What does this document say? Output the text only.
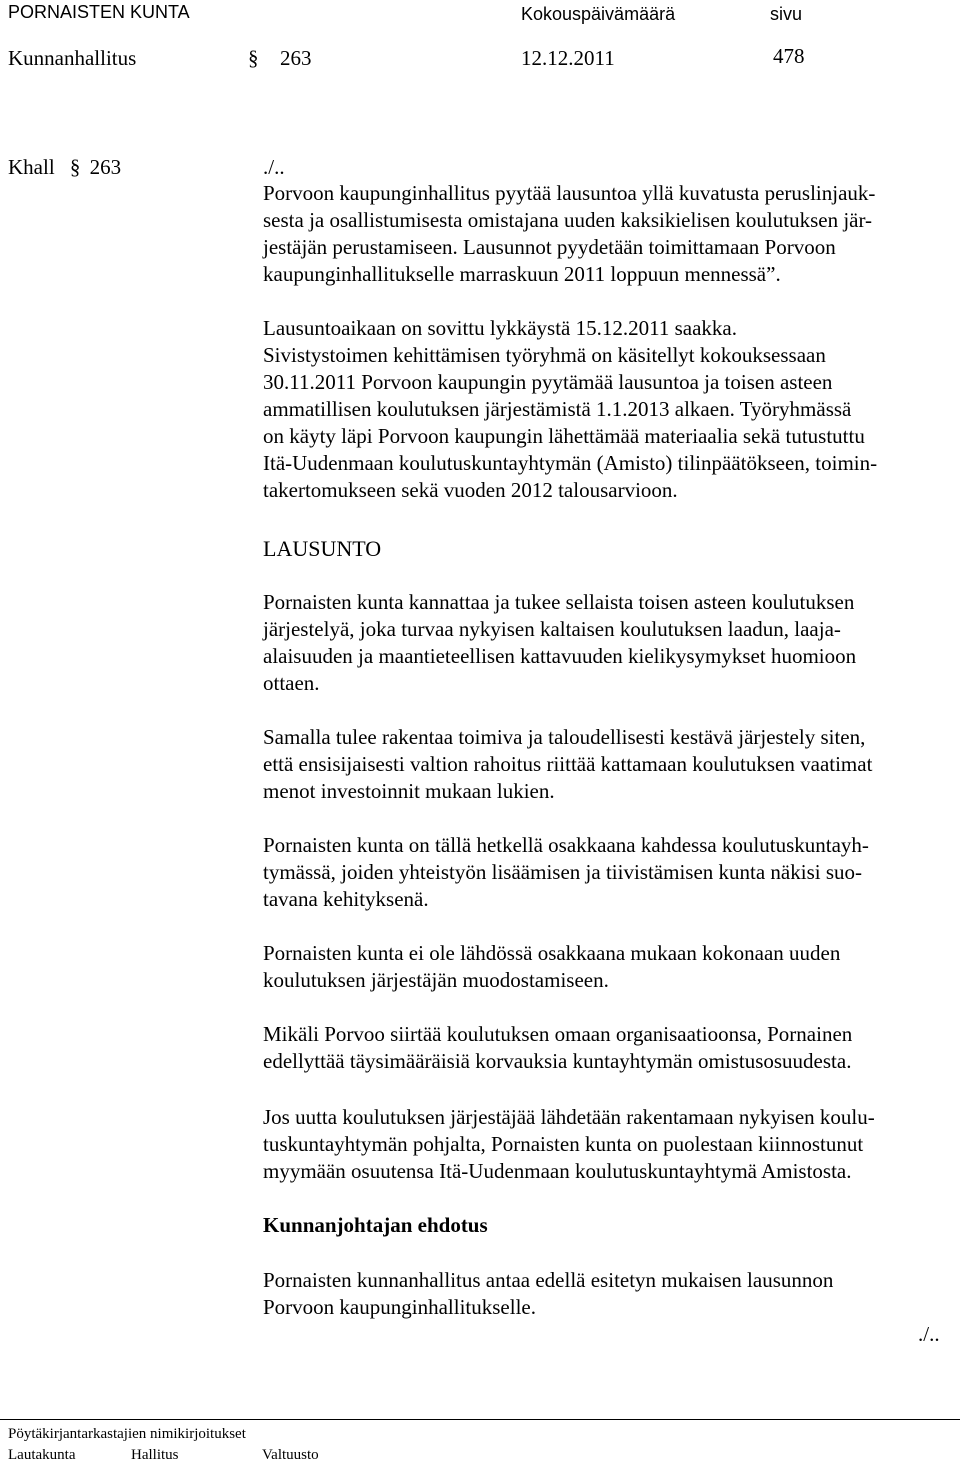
PORNAISTEN KUNTA	Kokouspäivämäärä	sivu
Kunnanhallitus	§ 263	12.12.2011	478
Khall § 263	./..
Porvoon kaupunginhallitus pyytää lausuntoa yllä kuvatusta peruslinjauk-
sesta ja osallistumisesta omistajana uuden kaksikielisen koulutuksen jär-
jestäjän perustamiseen. Lausunnot pyydetään toimittamaan Porvoon
kaupunginhallitukselle marraskuun 2011 loppuun mennessä”.
Lausuntoaikaan on sovittu lykkäystä 15.12.2011 saakka.
Sivistystoimen kehittämisen työryhmä on käsitellyt kokouksessaan
30.11.2011 Porvoon kaupungin pyytämää lausuntoa ja toisen asteen
ammatillisen koulutuksen järjestämistä 1.1.2013 alkaen. Työryhmässä
on käyty läpi Porvoon kaupungin lähettämää materiaalia sekä tutustuttu
Itä-Uudenmaan koulutuskuntayhtymän (Amisto) tilinpäätökseen, toimin-
takertomukseen sekä vuoden 2012 talousarvioon.
LAUSUNTO
Pornaisten kunta kannattaa ja tukee sellaista toisen asteen koulutuksen
järjestelyä, joka turvaa nykyisen kaltaisen koulutuksen laadun, laaja-
alaisuuden ja maantieteellisen kattavuuden kielikysymykset huomioon
ottaen.
Samalla tulee rakentaa toimiva ja taloudellisesti kestävä järjestely siten,
että ensisijaisesti valtion rahoitus riittää kattamaan koulutuksen vaatimat
menot investoinnit mukaan lukien.
Pornaisten kunta on tällä hetkellä osakkaana kahdessa koulutuskuntayh-
tymässä, joiden yhteistyön lisäämisen ja tiivistämisen kunta näkisi suo-
tavana kehityksenä.
Pornaisten kunta ei ole lähdössä osakkaana mukaan kokonaan uuden
koulutuksen järjestäjän muodostamiseen.
Mikäli Porvoo siirtää koulutuksen omaan organisaatioonsa, Pornainen
edellyttää täysimääräisiä korvauksia kuntayhtymän omistusosuudesta.
Jos uutta koulutuksen järjestäjää lähdetään rakentamaan nykyisen koulu-
tuskuntayhtymän pohjalta, Pornaisten kunta on puolestaan kiinnostunut
myymään osuutensa Itä-Uudenmaan koulutuskuntayhtymä Amistosta.
Kunnanjohtajan ehdotus
Pornaisten kunnanhallitus antaa edellä esitetyn mukaisen lausunnon
Porvoon kaupunginhallitukselle.
./..
Pöytäkirjantarkastajien nimikirjoitukset
Lautakunta	Hallitus	Valtuusto
